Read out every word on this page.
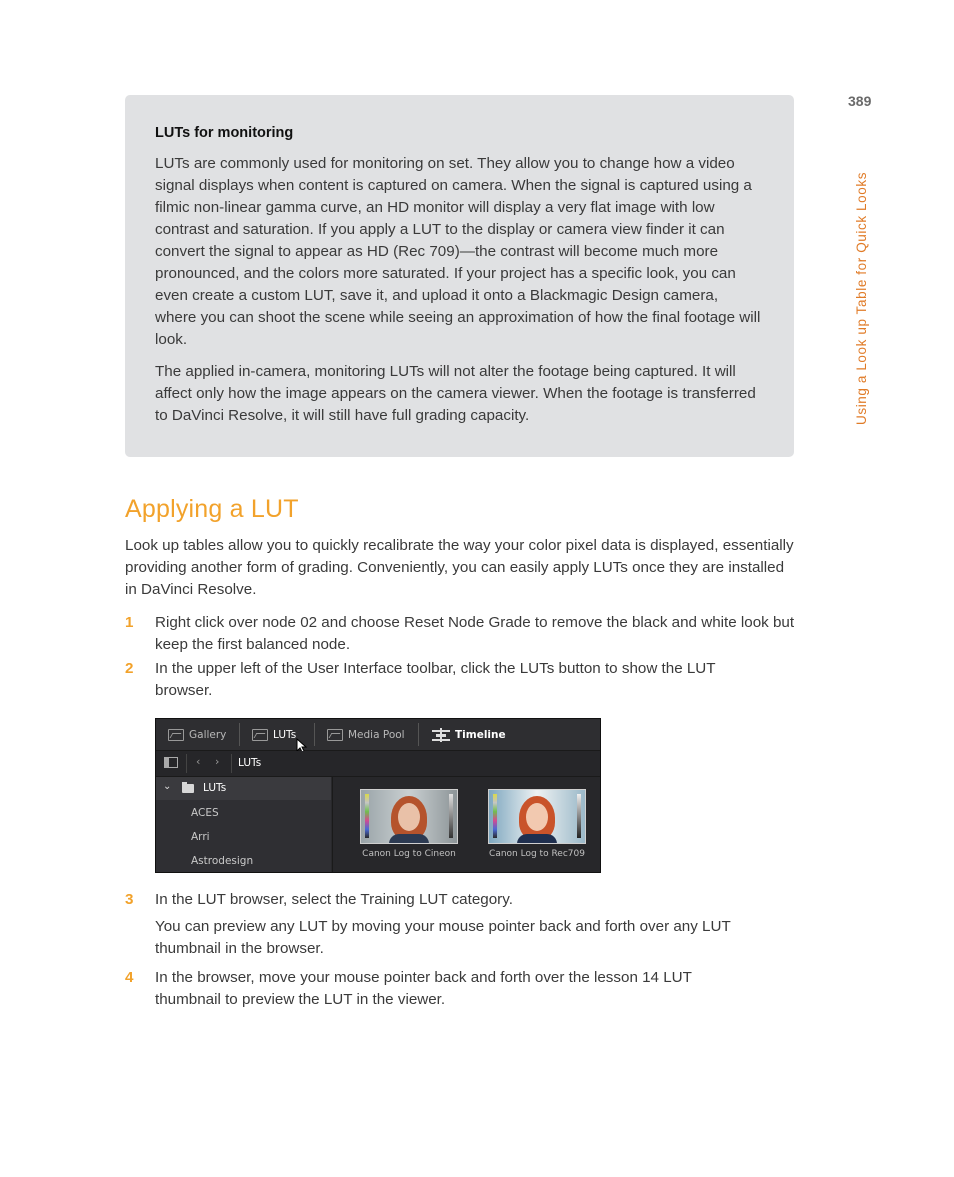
389
Using a Look up Table for Quick Looks
LUTs for monitoring

LUTs are commonly used for monitoring on set. They allow you to change how a video signal displays when content is captured on camera. When the signal is captured using a filmic non-linear gamma curve, an HD monitor will display a very flat image with low contrast and saturation. If you apply a LUT to the display or camera view finder it can convert the signal to appear as HD (Rec 709)—the contrast will become much more pronounced, and the colors more saturated. If your project has a specific look, you can even create a custom LUT, save it, and upload it onto a Blackmagic Design camera, where you can shoot the scene while seeing an approximation of how the final footage will look.

The applied in-camera, monitoring LUTs will not alter the footage being captured. It will affect only how the image appears on the camera viewer. When the footage is transferred to DaVinci Resolve, it will still have full grading capacity.

Applying a LUT

Look up tables allow you to quickly recalibrate the way your color pixel data is displayed, essentially providing another form of grading. Conveniently, you can easily apply LUTs once they are installed in DaVinci Resolve.

1 Right click over node 02 and choose Reset Node Grade to remove the black and white look but keep the first balanced node.
2 In the upper left of the User Interface toolbar, click the LUTs button to show the LUT browser.
Gallery	LUTs	Media Pool	Timeline
‹ › LUTs
⌄	LUTs
ACES
Arri
Astrodesign
Canon Log to Cineon	Canon Log to Rec709
3 In the LUT browser, select the Training LUT category.

You can preview any LUT by moving your mouse pointer back and forth over any LUT thumbnail in the browser.

4 In the browser, move your mouse pointer back and forth over the lesson 14 LUT thumbnail to preview the LUT in the viewer.
